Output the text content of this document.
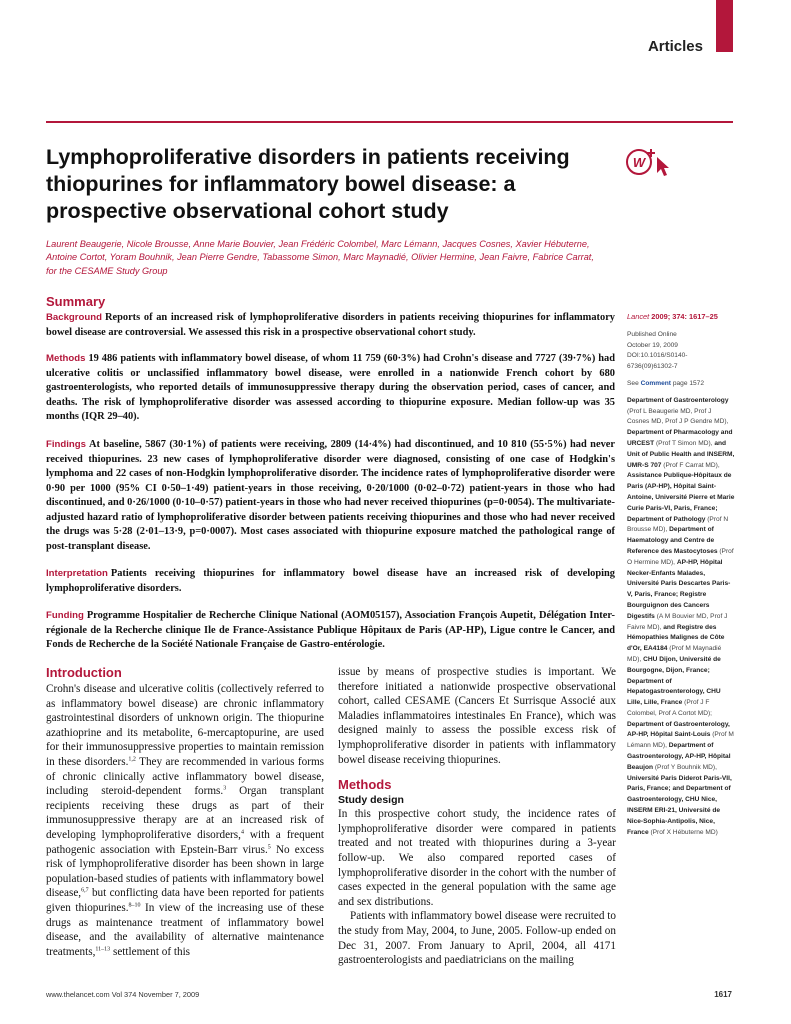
Articles
Lymphoproliferative disorders in patients receiving thiopurines for inflammatory bowel disease: a prospective observational cohort study
W
Laurent Beaugerie, Nicole Brousse, Anne Marie Bouvier, Jean Frédéric Colombel, Marc Lémann, Jacques Cosnes, Xavier Hébuterne, Antoine Cortot, Yoram Bouhnik, Jean Pierre Gendre, Tabassome Simon, Marc Maynadié, Olivier Hermine, Jean Faivre, Fabrice Carrat, for the CESAME Study Group
Summary

Background Reports of an increased risk of lymphoproliferative disorders in patients receiving thiopurines for inflammatory bowel disease are controversial. We assessed this risk in a prospective observational cohort study.

Methods 19 486 patients with inflammatory bowel disease, of whom 11 759 (60·3%) had Crohn's disease and 7727 (39·7%) had ulcerative colitis or unclassified inflammatory bowel disease, were enrolled in a nationwide French cohort by 680 gastroenterologists, who reported details of immunosuppressive therapy during the observation period, cases of cancer, and deaths. The risk of lymphoproliferative disorder was assessed according to thiopurine exposure. Median follow-up was 35 months (IQR 29–40).

Findings At baseline, 5867 (30·1%) of patients were receiving, 2809 (14·4%) had discontinued, and 10 810 (55·5%) had never received thiopurines. 23 new cases of lymphoproliferative disorder were diagnosed, consisting of one case of Hodgkin's lymphoma and 22 cases of non-Hodgkin lymphoproliferative disorder. The incidence rates of lymphoproliferative disorder were 0·90 per 1000 (95% CI 0·50–1·49) patient-years in those receiving, 0·20/1000 (0·02–0·72) patient-years in those who had discontinued, and 0·26/1000 (0·10–0·57) patient-years in those who had never received thiopurines (p=0·0054). The multivariate-adjusted hazard ratio of lymphoproliferative disorder between patients receiving thiopurines and those who had never received the drugs was 5·28 (2·01–13·9, p=0·0007). Most cases associated with thiopurine exposure matched the pathological range of post-transplant disease.

Interpretation Patients receiving thiopurines for inflammatory bowel disease have an increased risk of developing lymphoproliferative disorders.

Funding Programme Hospitalier de Recherche Clinique National (AOM05157), Association François Aupetit, Délégation Inter-régionale de la Recherche clinique Ile de France-Assistance Publique Hôpitaux de Paris (AP-HP), Ligue contre le Cancer, and Fonds de Recherche de la Société Nationale Française de Gastro-entérologie.

Lancet 2009; 374: 1617–25

Published Online
October 19, 2009
DOI:10.1016/S0140-
6736(09)61302-7

See Comment page 1572

Department of Gastroenterology (Prof L Beaugerie MD, Prof J Cosnes MD, Prof J P Gendre MD), Department of Pharmacology and URCEST (Prof T Simon MD), and Unit of Public Health and INSERM, UMR-S 707 (Prof F Carrat MD), Assistance Publique-Hôpitaux de Paris (AP-HP), Hôpital Saint-Antoine, Université Pierre et Marie Curie Paris-VI, Paris, France; Department of Pathology (Prof N Brousse MD), Department of Haematology and Centre de Reference des Mastocytoses (Prof O Hermine MD), AP-HP, Hôpital Necker-Enfants Malades, Université Paris Descartes Paris-V, Paris, France; Registre Bourguignon des Cancers Digestifs (A M Bouvier MD, Prof J Faivre MD), and Registre des Hémopathies Malignes de Côte d'Or, EA4184 (Prof M Maynadié MD), CHU Dijon, Université de Bourgogne, Dijon, France; Department of Hepatogastroenterology, CHU Lille, Lille, France (Prof J F Colombel, Prof A Cortot MD); Department of Gastroenterology, AP-HP, Hôpital Saint-Louis (Prof M Lémann MD), Department of Gastroenterology, AP-HP, Hôpital Beaujon (Prof Y Bouhnik MD), Université Paris Diderot Paris-VII, Paris, France; and Department of Gastroenterology, CHU Nice, INSERM ERI-21, Université de Nice-Sophia-Antipolis, Nice, France (Prof X Hébuterne MD)

Introduction

Crohn's disease and ulcerative colitis (collectively referred to as inflammatory bowel disease) are chronic inflammatory gastrointestinal disorders of unknown origin. The thiopurine azathioprine and its metabolite, 6-mercaptopurine, are used for their immunosuppressive properties to maintain remission in these disorders.$^{1,2}$ They are recommended in various forms of chronic clinically active inflammatory bowel disease, including steroid-dependent forms.$^3$ Organ transplant recipients receiving these drugs as part of their immunosuppressive therapy are at an increased risk of developing lymphoproliferative disorders,$^4$ with a frequent pathogenic association with Epstein-Barr virus.$^5$ No excess risk of lymphoproliferative disorder has been shown in large population-based studies of patients with inflammatory bowel disease,$^{6,7}$ but conflicting data have been reported for patients given thiopurines.$^{8-10}$ In view of the increasing use of these drugs as maintenance treatment of inflammatory bowel disease, and the availability of alternative maintenance treatments,$^{11-13}$ settlement of this

issue by means of prospective studies is important. We therefore initiated a nationwide prospective observational cohort, called CESAME (Cancers Et Surrisque Associé aux Maladies inflammatoires intestinales En France), which was designed mainly to assess the possible excess risk of lymphoproliferative disorder in patients with inflammatory bowel disease receiving thiopurines.

Methods
Study design

In this prospective cohort study, the incidence rates of lymphoproliferative disorder were compared in patients treated and not treated with thiopurines during a 3-year follow-up. We also compared reported cases of lymphoproliferative disorder in the cohort with the number of cases expected in the general population with the same age and sex distributions.

Patients with inflammatory bowel disease were recruited to the study from May, 2004, to June, 2005. Follow-up ended on Dec 31, 2007. From January to April, 2004, all 4171 gastroenterologists and paediatricians on the mailing

www.thelancet.com Vol 374 November 7, 2009	1617
